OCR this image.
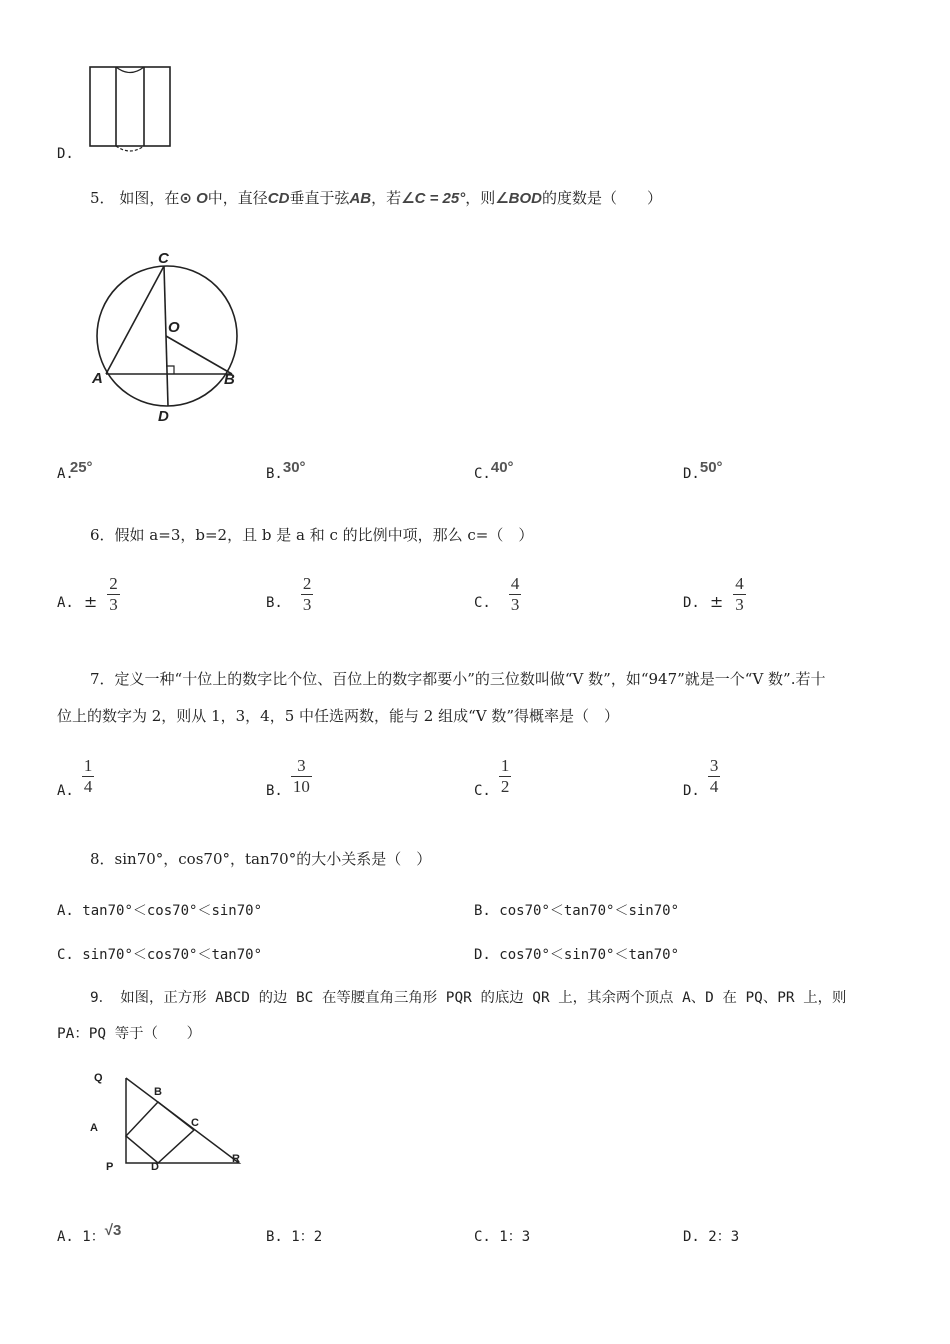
D.
5． 如图，在⊙ O中，直径CD垂直于弦AB，若∠C = 25°，则∠BOD的度数是（　　）
C
O
A	B
D
A.
25°	B. 30°	C. 40°	D. 50°
6．假如 a=3，b=2，且 b 是 a 和 c 的比例中项，那么 c=（　）
A. ± $\frac{2}{3}$	B. $\frac{2}{3}$	C. $\frac{4}{3}$	D. ± $\frac{4}{3}$
7．定义一种“十位上的数字比个位、百位上的数字都要小”的三位数叫做“V 数”，如“947”就是一个“V 数”.若十
位上的数字为 2，则从 1，3，4，5 中任选两数，能与 2 组成“V 数”得概率是（　）
A. $\frac{1}{4}$	B. $\frac{3}{10}$	C. $\frac{1}{2}$	D. $\frac{3}{4}$
8．sin70°，cos70°，tan70°的大小关系是（　）
A. tan70°＜cos70°＜sin70°	B. cos70°＜tan70°＜sin70°
C. sin70°＜cos70°＜tan70°	D. cos70°＜sin70°＜tan70°
9．　如图，正方形 ABCD 的边 BC 在等腰直角三角形 PQR 的底边 QR 上，其余两个顶点 A、D 在 PQ、PR 上，则
PA：PQ 等于（　　）
Q
B
A	C
P	D
R
A. 1：√3	B. 1：2	C. 1：3	D. 2：3
